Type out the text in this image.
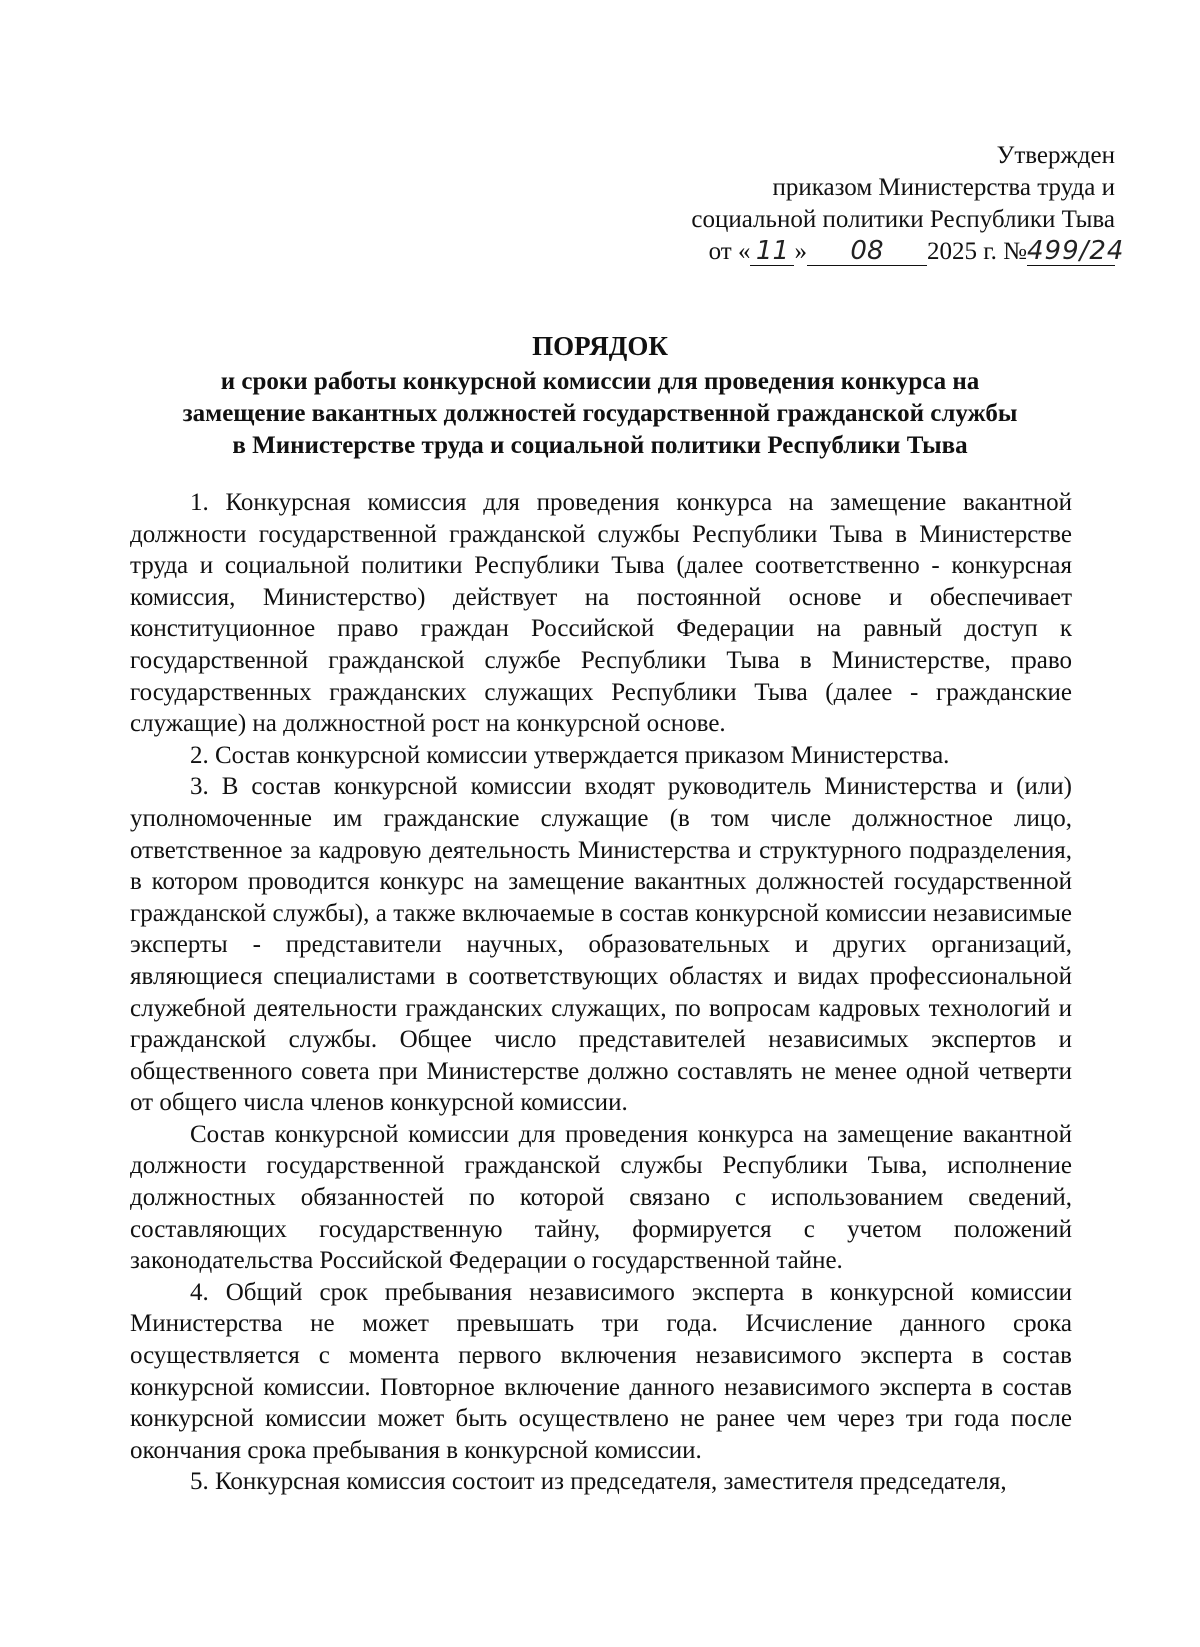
Утвержден
приказом Министерства труда и
социальной политики Республики Тыва
от « 11 » 08 2025 г. №499/24
ПОРЯДОК
и сроки работы конкурсной комиссии для проведения конкурса на
замещение вакантных должностей государственной гражданской службы
в Министерстве труда и социальной политики Республики Тыва

1. Конкурсная комиссия для проведения конкурса на замещение вакантной должности государственной гражданской службы Республики Тыва в Министерстве труда и социальной политики Республики Тыва (далее соответственно - конкурсная комиссия, Министерство) действует на постоянной основе и обеспечивает конституционное право граждан Российской Федерации на равный доступ к государственной гражданской службе Республики Тыва в Министерстве, право государственных гражданских служащих Республики Тыва (далее - гражданские служащие) на должностной рост на конкурсной основе.

2. Состав конкурсной комиссии утверждается приказом Министерства.

3. В состав конкурсной комиссии входят руководитель Министерства и (или) уполномоченные им гражданские служащие (в том числе должностное лицо, ответственное за кадровую деятельность Министерства и структурного подразделения, в котором проводится конкурс на замещение вакантных должностей государственной гражданской службы), а также включаемые в состав конкурсной комиссии независимые эксперты - представители научных, образовательных и других организаций, являющиеся специалистами в соответствующих областях и видах профессиональной служебной деятельности гражданских служащих, по вопросам кадровых технологий и гражданской службы. Общее число представителей независимых экспертов и общественного совета при Министерстве должно составлять не менее одной четверти от общего числа членов конкурсной комиссии.

Состав конкурсной комиссии для проведения конкурса на замещение вакантной должности государственной гражданской службы Республики Тыва, исполнение должностных обязанностей по которой связано с использованием сведений, составляющих государственную тайну, формируется с учетом положений законодательства Российской Федерации о государственной тайне.

4. Общий срок пребывания независимого эксперта в конкурсной комиссии Министерства не может превышать три года. Исчисление данного срока осуществляется с момента первого включения независимого эксперта в состав конкурсной комиссии. Повторное включение данного независимого эксперта в состав конкурсной комиссии может быть осуществлено не ранее чем через три года после окончания срока пребывания в конкурсной комиссии.

5. Конкурсная комиссия состоит из председателя, заместителя председателя,
